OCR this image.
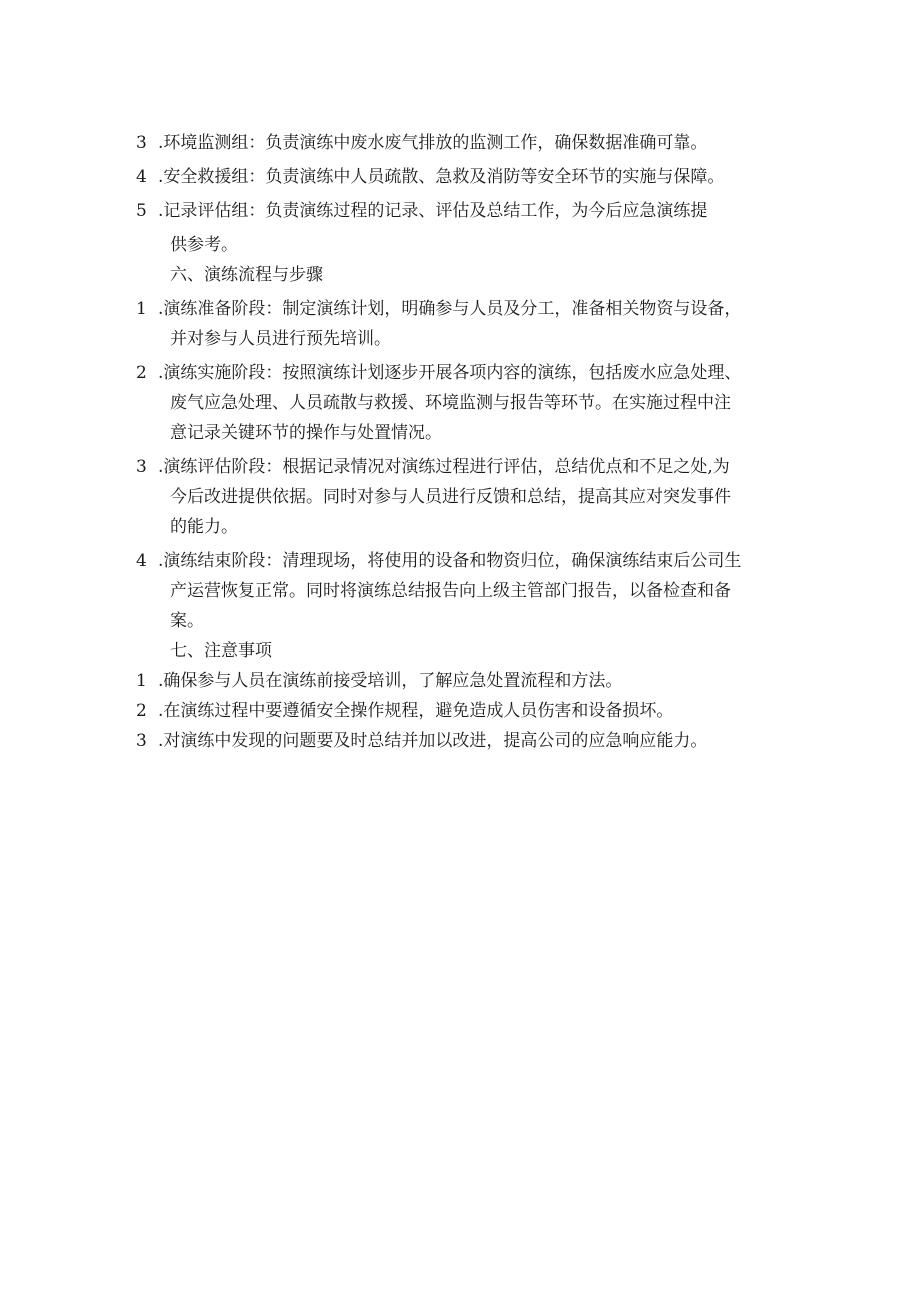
3 .环境监测组：负责演练中废水废气排放的监测工作，确保数据准确可靠。
4 .安全救援组：负责演练中人员疏散、急救及消防等安全环节的实施与保障。
5 .记录评估组：负责演练过程的记录、评估及总结工作，为今后应急演练提
供参考。
六、演练流程与步骤
1 .演练准备阶段：制定演练计划，明确参与人员及分工，准备相关物资与设备，
并对参与人员进行预先培训。
2 .演练实施阶段：按照演练计划逐步开展各项内容的演练，包括废水应急处理、
废气应急处理、人员疏散与救援、环境监测与报告等环节。在实施过程中注
意记录关键环节的操作与处置情况。
3 .演练评估阶段：根据记录情况对演练过程进行评估，总结优点和不足之处,为
今后改进提供依据。同时对参与人员进行反馈和总结，提高其应对突发事件
的能力。
4 .演练结束阶段：清理现场，将使用的设备和物资归位，确保演练结束后公司生
产运营恢复正常。同时将演练总结报告向上级主管部门报告，以备检查和备
案。
七、注意事项
1 .确保参与人员在演练前接受培训，了解应急处置流程和方法。
2 .在演练过程中要遵循安全操作规程，避免造成人员伤害和设备损坏。
3 .对演练中发现的问题要及时总结并加以改进，提高公司的应急响应能力。
